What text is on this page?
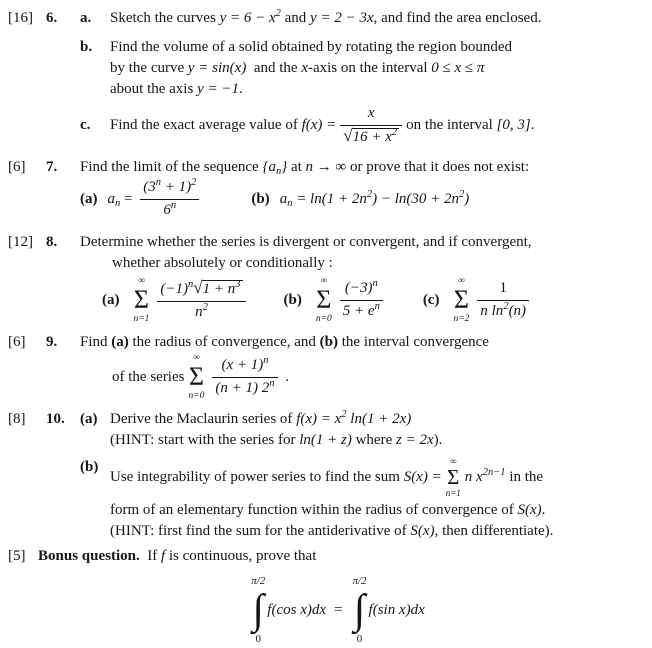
[16] 6.	a.	Sketch the curves $y = 6 - x^2$ and y = 2 − 3x, and find the area enclosed.
b.	Find the volume of a solid obtained by rotating the region bounded
by the curve y = sin(x)  and the x-axis on the interval 0 ≤ x ≤ π
about the axis y = −1.
c.	Find the exact average value of $f(x) = \frac{x}{√16 + x^2}$ on the interval [0, 3] .
[6]	7.	Find the limit of the sequence $\{a_n\}$ at n → ∞ or prove that it does not exist:
(a) $a_n = \frac{(3^n + 1)^2}{6^n}$	(b) $a_n = \ln(1 + 2n^2) - \ln(30 + 2n^2)$
[12] 8.	Determine whether the series is divergent or convergent, and if convergent,
whether absolutely or conditionally :
(a)
∞
Σ
$n=1 \frac{(-1)^n√1 + n^3}{n^2}$	(b)
∞
Σ
$n=0 \frac{(-3)^n}{5 + e^n}$	(c)
∞
Σ
$n=2 \frac{1}{n \ln^2(n)}$
[6]	9.	Find (a) the radius of convergence, and (b) the interval convergence
of the series
∞
Σ
$n=0 \frac{(x + 1)^n}{(n + 1) 2^n}$ .
[8]	10.	(a) Derive the Maclaurin series of $f(x) = x^2$ ln(1 + 2x)
(HINT: start with the series for ln(1 + z) where z = 2x).
(b)
Use integrability of power series to find the sum S(x) =
∞
Σ
n=1
n $x^{2n-1}$ in the
form of an elementary function within the radius of convergence of S(x).
(HINT: first find the sum for the antiderivative of S(x), then differentiate).
[5] Bonus question.  If f is continuous, prove that
π/2
∫
0
f(cos x)dx =
π/2
∫
0
f(sin x)dx
